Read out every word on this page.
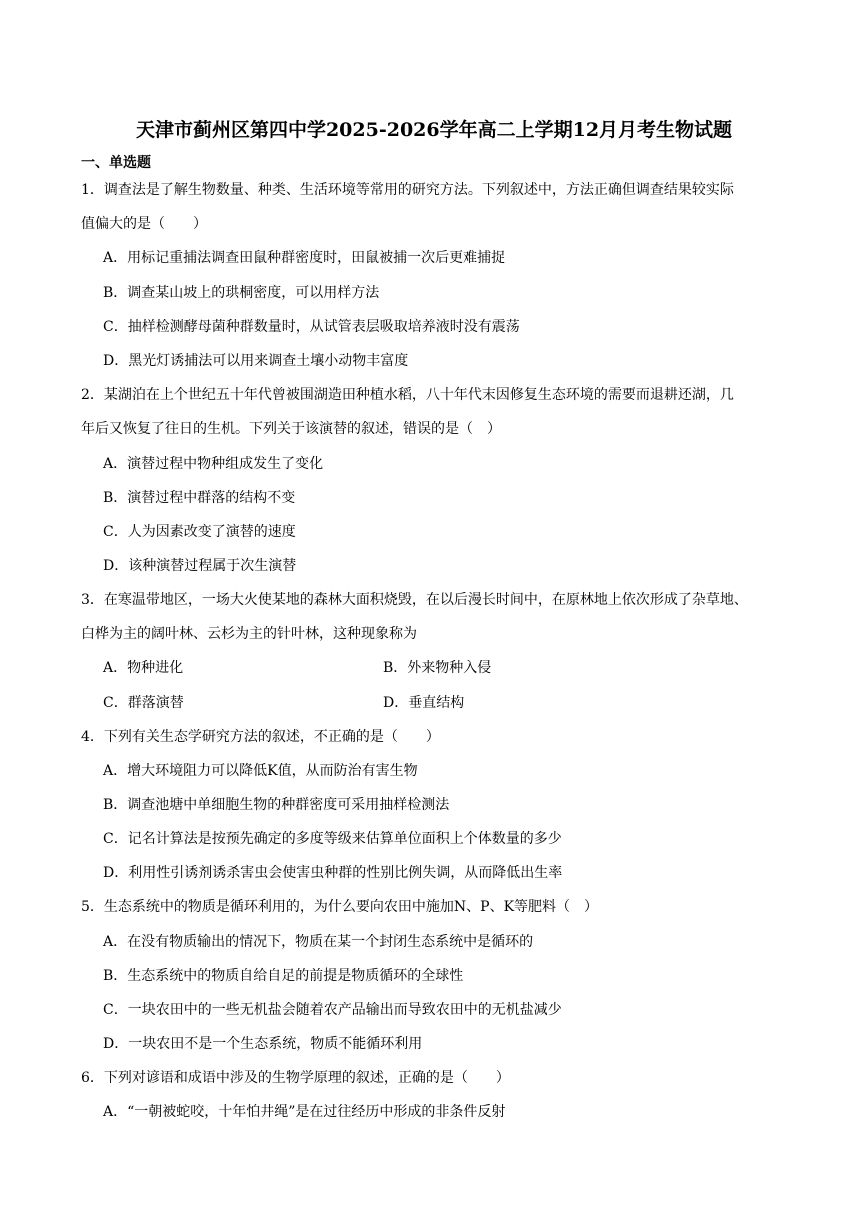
天津市蓟州区第四中学2025-2026学年高二上学期12月月考生物试题
一、单选题
1．调查法是了解生物数量、种类、生活环境等常用的研究方法。下列叙述中，方法正确但调查结果较实际
值偏大的是（　　）
A．用标记重捕法调查田鼠种群密度时，田鼠被捕一次后更难捕捉
B．调查某山坡上的珙桐密度，可以用样方法
C．抽样检测酵母菌种群数量时，从试管表层吸取培养液时没有震荡
D．黑光灯诱捕法可以用来调查土壤小动物丰富度
2．某湖泊在上个世纪五十年代曾被围湖造田种植水稻，八十年代末因修复生态环境的需要而退耕还湖，几
年后又恢复了往日的生机。下列关于该演替的叙述，错误的是（　）
A．演替过程中物种组成发生了变化
B．演替过程中群落的结构不变
C．人为因素改变了演替的速度
D．该种演替过程属于次生演替
3．在寒温带地区，一场大火使某地的森林大面积烧毁，在以后漫长时间中，在原林地上依次形成了杂草地、
白桦为主的阔叶林、云杉为主的针叶林，这种现象称为
A．物种进化	B．外来物种入侵
C．群落演替	D．垂直结构
4．下列有关生态学研究方法的叙述，不正确的是（　　）
A．增大环境阻力可以降低K值，从而防治有害生物
B．调查池塘中单细胞生物的种群密度可采用抽样检测法
C．记名计算法是按预先确定的多度等级来估算单位面积上个体数量的多少
D．利用性引诱剂诱杀害虫会使害虫种群的性别比例失调，从而降低出生率
5．生态系统中的物质是循环利用的，为什么要向农田中施加N、P、K等肥料（　）
A．在没有物质输出的情况下，物质在某一个封闭生态系统中是循环的
B．生态系统中的物质自给自足的前提是物质循环的全球性
C．一块农田中的一些无机盐会随着农产品输出而导致农田中的无机盐减少
D．一块农田不是一个生态系统，物质不能循环利用
6．下列对谚语和成语中涉及的生物学原理的叙述，正确的是（　　）
A．“一朝被蛇咬，十年怕井绳”是在过往经历中形成的非条件反射
